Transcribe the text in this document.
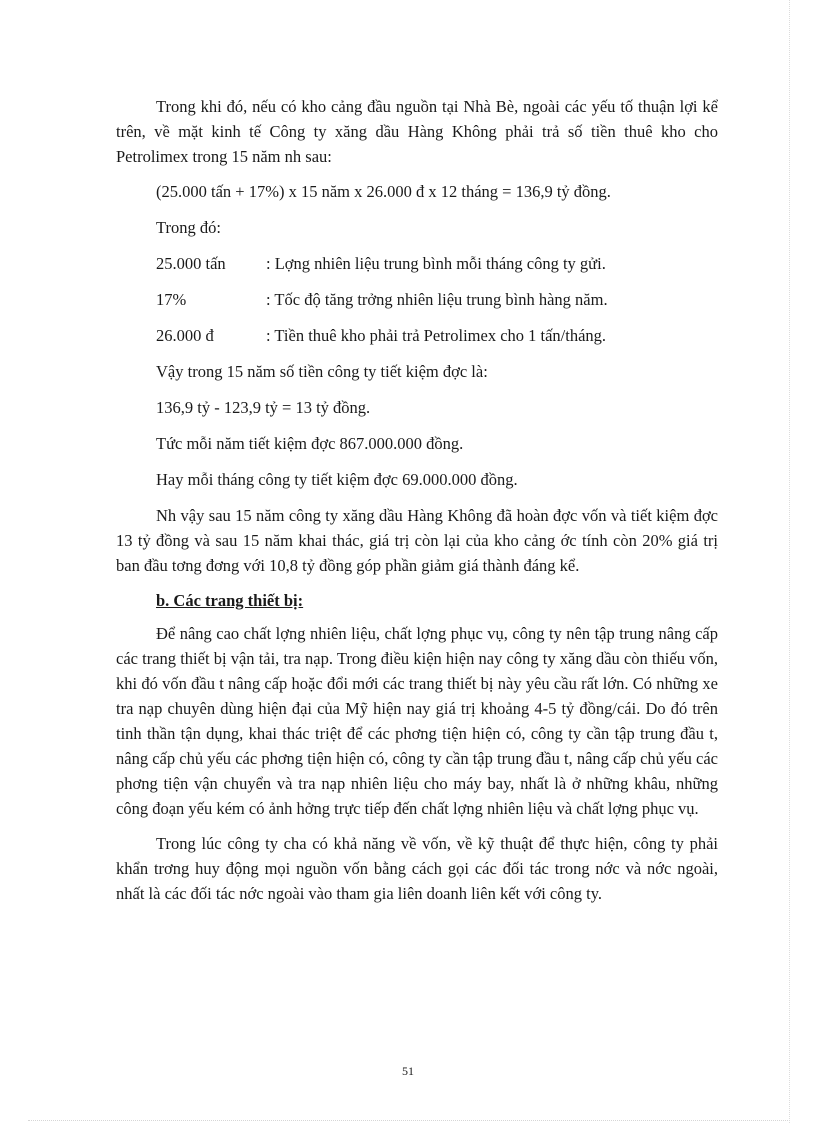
Trong khi đó, nếu có kho cảng đầu nguồn tại Nhà Bè, ngoài các yếu tố thuận lợi kể trên, về mặt kinh tế Công ty xăng dầu Hàng Không phải trả số tiền thuê kho cho Petrolimex trong 15 năm nh sau:

(25.000 tấn + 17%) x 15 năm x 26.000 đ x 12 tháng = 136,9 tỷ đồng.
Trong đó:
25.000 tấn : Lợng nhiên liệu trung bình mỗi tháng công ty gửi.
17%	: Tốc độ tăng trởng nhiên liệu trung bình hàng năm.
26.000 đ	: Tiền thuê kho phải trả Petrolimex cho 1 tấn/tháng.
Vậy trong 15 năm số tiền công ty tiết kiệm đợc là:
136,9 tỷ - 123,9 tỷ = 13 tỷ đồng.
Tức mỗi năm tiết kiệm đợc 867.000.000 đồng.
Hay mỗi tháng công ty tiết kiệm đợc 69.000.000 đồng.

Nh vậy sau 15 năm công ty xăng dầu Hàng Không đã hoàn đợc vốn và tiết kiệm đợc 13 tỷ đồng và sau 15 năm khai thác, giá trị còn lại của kho cảng ớc tính còn 20% giá trị ban đầu tơng đơng với 10,8 tỷ đồng góp phần giảm giá thành đáng kể.

b. Các trang thiết bị:

Để nâng cao chất lợng nhiên liệu, chất lợng phục vụ, công ty nên tập trung nâng cấp các trang thiết bị vận tải, tra nạp. Trong điều kiện hiện nay công ty xăng dầu còn thiếu vốn, khi đó vốn đầu t nâng cấp hoặc đổi mới các trang thiết bị này yêu cầu rất lớn. Có những xe tra nạp chuyên dùng hiện đại của Mỹ hiện nay giá trị khoảng 4-5 tỷ đồng/cái. Do đó trên tinh thần tận dụng, khai thác triệt để các phơng tiện hiện có, công ty cần tập trung đầu t, nâng cấp chủ yếu các phơng tiện hiện có, công ty cần tập trung đầu t, nâng cấp chủ yếu các phơng tiện vận chuyển và tra nạp nhiên liệu cho máy bay, nhất là ở những khâu, những công đoạn yếu kém có ảnh hởng trực tiếp đến chất lợng nhiên liệu và chất lợng phục vụ.

Trong lúc công ty cha có khả năng về vốn, về kỹ thuật để thực hiện, công ty phải khẩn trơng huy động mọi nguồn vốn bằng cách gọi các đối tác trong nớc và nớc ngoài, nhất là các đối tác nớc ngoài vào tham gia liên doanh liên kết với công ty.

51
